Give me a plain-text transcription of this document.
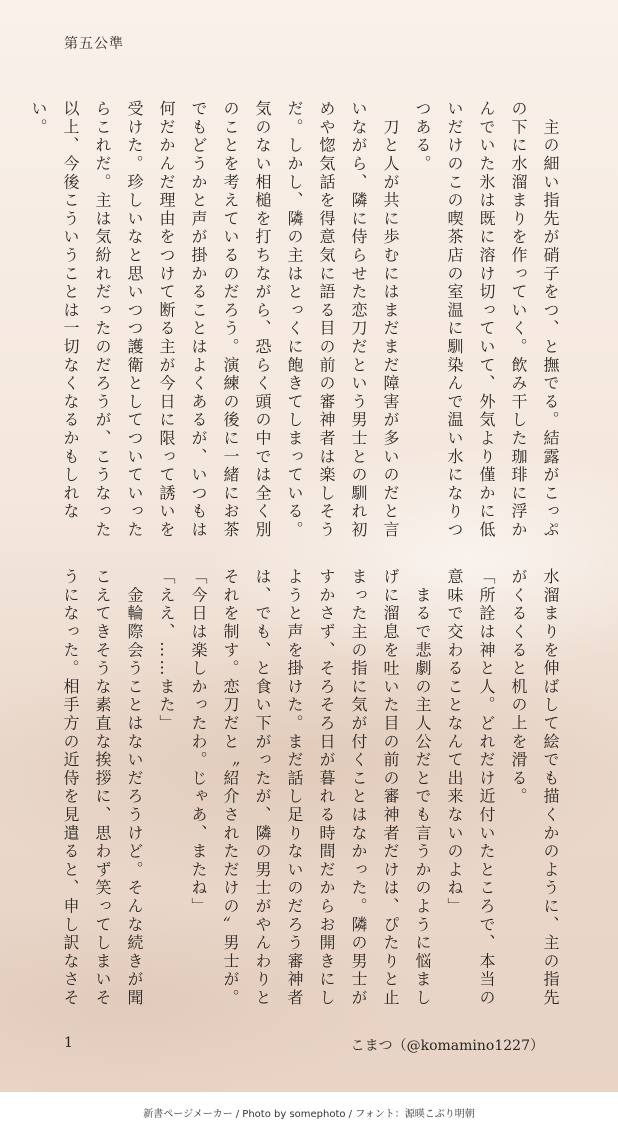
第五公準

　主の細い指先が硝子をつ、と撫でる。結露がこっぷの下に水溜まりを作っていく。飲み干した珈琲に浮かんでいた氷は既に溶け切っていて、外気より僅かに低いだけのこの喫茶店の室温に馴染んで温い水になりつつある。

　刀と人が共に歩むにはまだまだ障害が多いのだと言いながら、隣に侍らせた恋刀だという男士との馴れ初めや惚気話を得意気に語る目の前の審神者は楽しそうだ。しかし、隣の主はとっくに飽きてしまっている。気のない相槌を打ちながら、恐らく頭の中では全く別のことを考えているのだろう。演練の後に一緒にお茶でもどうかと声が掛かることはよくあるが、いつもは何だかんだ理由をつけて断る主が今日に限って誘いを受けた。珍しいなと思いつつ護衛としてついていったらこれだ。主は気紛れだったのだろうが、こうなった以上、今後こういうことは一切なくなるかもしれない。

水溜まりを伸ばして絵でも描くかのように、主の指先がくるくると机の上を滑る。

「所詮は神と人。どれだけ近付いたところで、本当の意味で交わることなんて出来ないのよね」

　まるで悲劇の主人公だとでも言うかのように悩ましげに溜息を吐いた目の前の審神者だけは、ぴたりと止まった主の指に気が付くことはなかった。隣の男士がすかさず、そろそろ日が暮れる時間だからお開きにしようと声を掛けた。まだ話し足りないのだろう審神者は、でも、と食い下がったが、隣の男士がやんわりとそれを制す。恋刀だと〝紹介されただけの〟男士が。

「今日は楽しかったわ。じゃあ、またね」

「ええ、……また」

　金輪際会うことはないだろうけど。そんな続きが聞こえてきそうな素直な挨拶に、思わず笑ってしまいそうになった。相手方の近侍を見遣ると、申し訳なさそ

1	こまつ（@komamino1227）
新書ページメーカー / Photo by somephoto / フォント：源暎こぶり明朝
